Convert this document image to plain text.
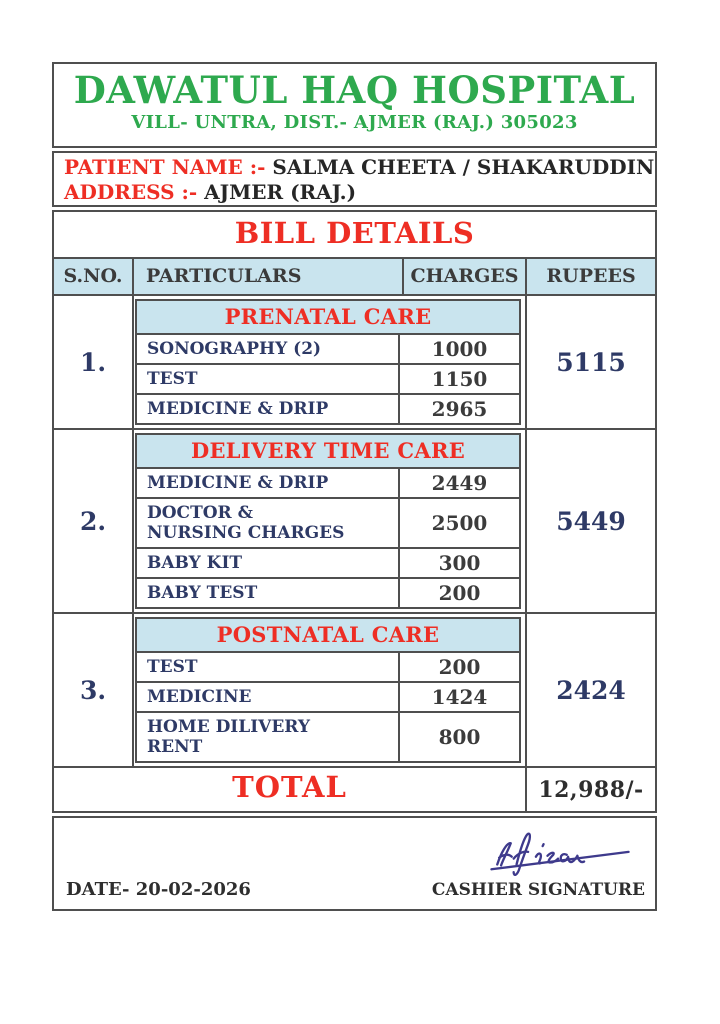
DAWATUL HAQ HOSPITAL
VILL- UNTRA, DIST.- AJMER (RAJ.) 305023
PATIENT NAME :- SALMA CHEETA / SHAKARUDDIN
ADDRESS :- AJMER (RAJ.)
BILL DETAILS
S.NO.	PARTICULARS	CHARGES	RUPEES
1.
PRENATAL CARE
SONOGRAPHY (2)	1000
TEST	1150
MEDICINE & DRIP	2965
5115
2.
DELIVERY TIME CARE
MEDICINE & DRIP	2449
DOCTOR & NURSING CHARGES	2500
BABY KIT	300
BABY TEST	200
5449
3.
POSTNATAL CARE
TEST	200
MEDICINE	1424
HOME DILIVERY RENT	800
2424
TOTAL	12,988/-
DATE- 20-02-2026	CASHIER SIGNATURE
